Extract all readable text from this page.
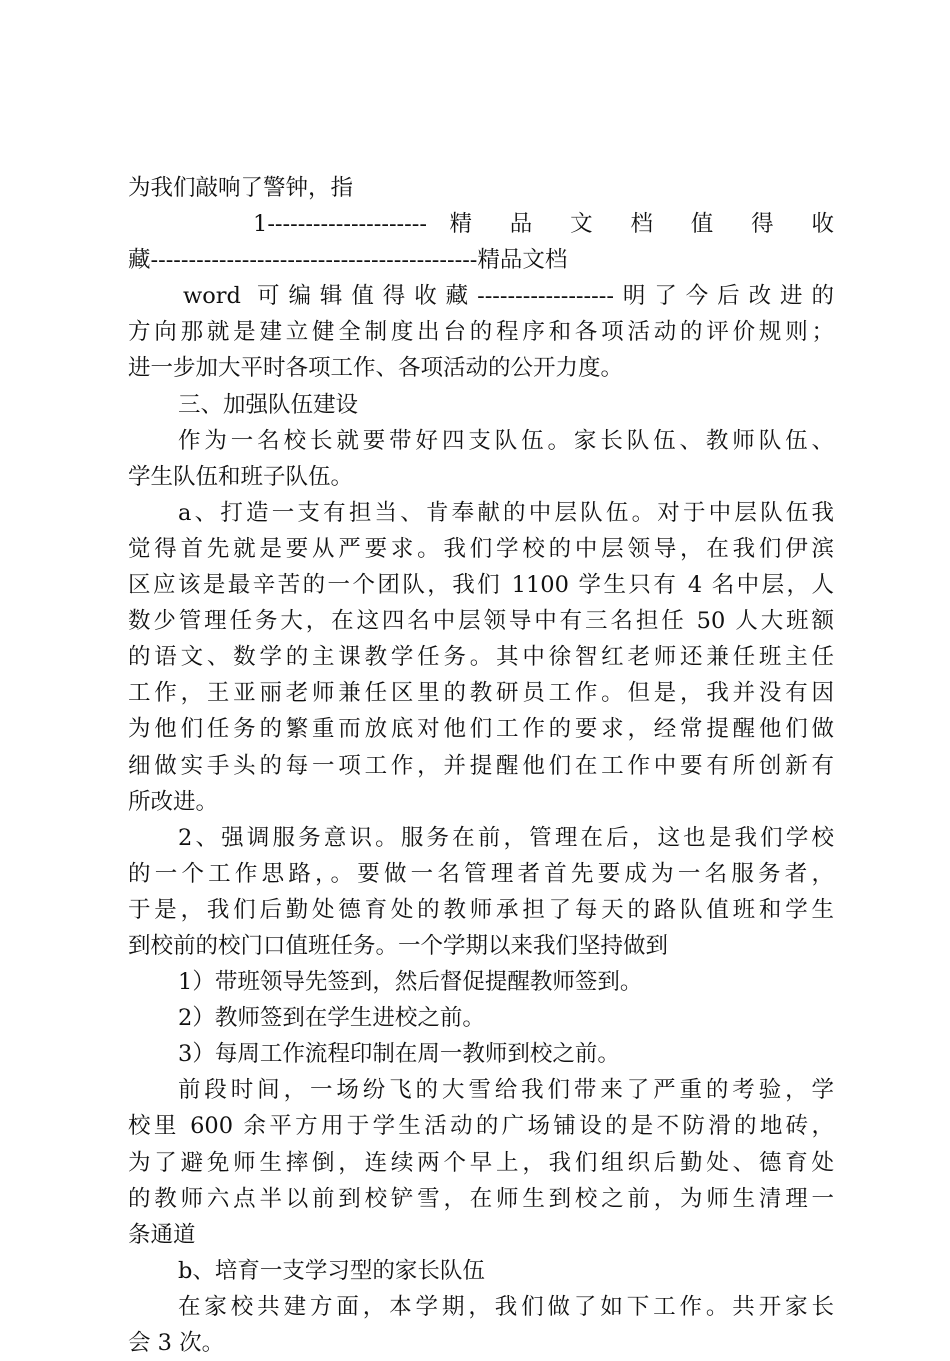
为我们敲响了警钟，指
1--------------------- 精 品 文 档 值 得 收
藏-------------------------------------------精品文档
word 可编辑值得收藏------------------明了今后改进的
方向那就是建立健全制度出台的程序和各项活动的评价规则；
进一步加大平时各项工作、各项活动的公开力度。
三、加强队伍建设
作为一名校长就要带好四支队伍。家长队伍、教师队伍、
学生队伍和班子队伍。
a、打造一支有担当、肯奉献的中层队伍。对于中层队伍我
觉得首先就是要从严要求。我们学校的中层领导，在我们伊滨
区应该是最辛苦的一个团队，我们 1100 学生只有 4 名中层，人
数少管理任务大，在这四名中层领导中有三名担任 50 人大班额
的语文、数学的主课教学任务。其中徐智红老师还兼任班主任
工作，王亚丽老师兼任区里的教研员工作。但是，我并没有因
为他们任务的繁重而放底对他们工作的要求，经常提醒他们做
细做实手头的每一项工作，并提醒他们在工作中要有所创新有
所改进。
2、强调服务意识。服务在前，管理在后，这也是我们学校
的一个工作思路，。要做一名管理者首先要成为一名服务者，
于是，我们后勤处德育处的教师承担了每天的路队值班和学生
到校前的校门口值班任务。一个学期以来我们坚持做到
1）带班领导先签到，然后督促提醒教师签到。
2）教师签到在学生进校之前。
3）每周工作流程印制在周一教师到校之前。
前段时间，一场纷飞的大雪给我们带来了严重的考验，学
校里 600 余平方用于学生活动的广场铺设的是不防滑的地砖，
为了避免师生摔倒，连续两个早上，我们组织后勤处、德育处
的教师六点半以前到校铲雪，在师生到校之前，为师生清理一
条通道
b、培育一支学习型的家长队伍
在家校共建方面，本学期，我们做了如下工作。共开家长
会 3 次。
